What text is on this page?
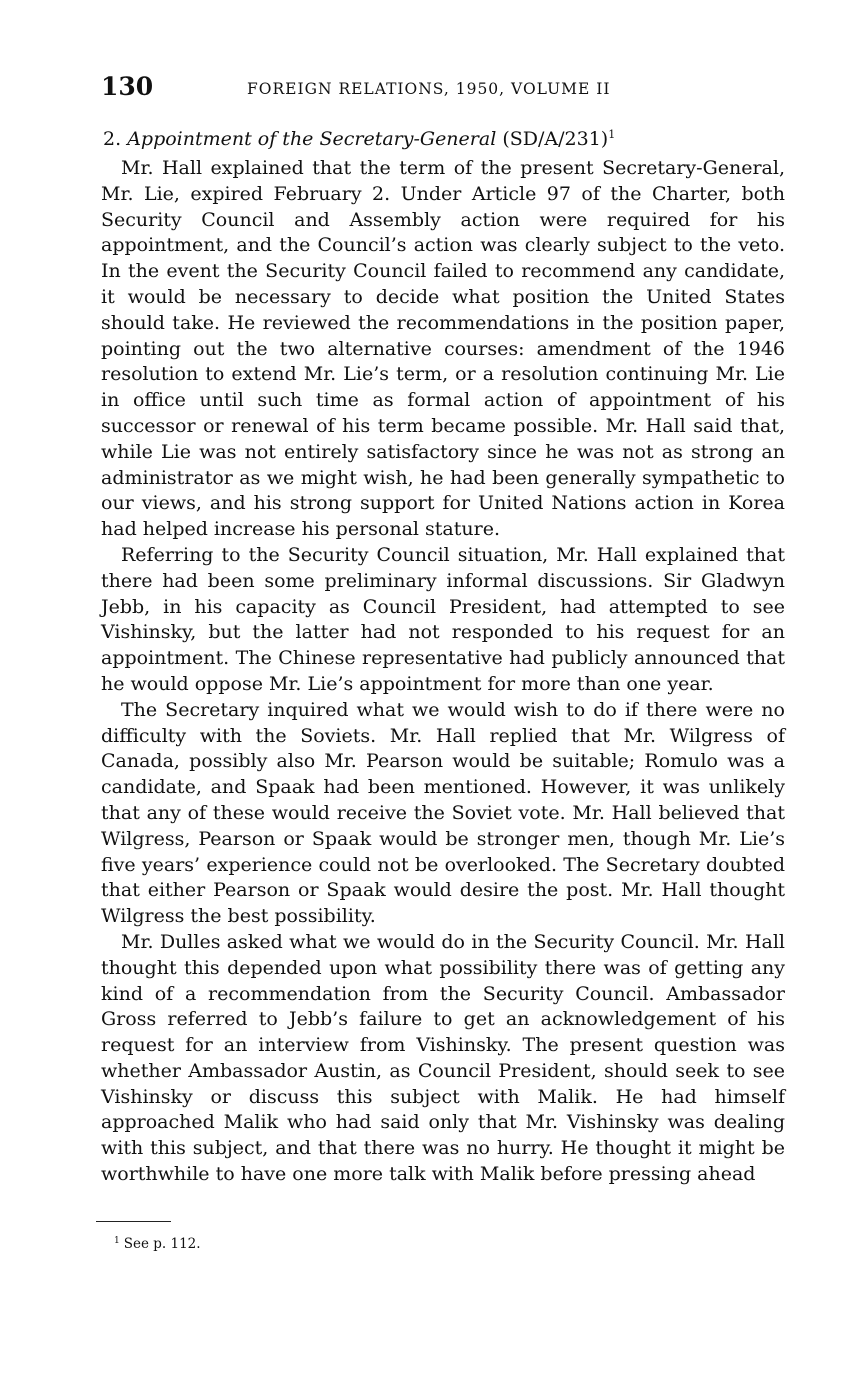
130	FOREIGN RELATIONS, 1950, VOLUME II
2. Appointment of the Secretary-General $(SD/A/231)^1$

Mr. Hall explained that the term of the present Secretary-General, Mr. Lie, expired February 2. Under Article 97 of the Charter, both Security Council and Assembly action were required for his appointment, and the Council’s action was clearly subject to the veto. In the event the Security Council failed to recommend any candidate, it would be necessary to decide what position the United States should take. He reviewed the recommendations in the position paper, pointing out the two alternative courses: amendment of the 1946 resolution to extend Mr. Lie’s term, or a resolution continuing Mr. Lie in office until such time as formal action of appointment of his successor or renewal of his term became possible. Mr. Hall said that, while Lie was not entirely satisfactory since he was not as strong an administrator as we might wish, he had been generally sympathetic to our views, and his strong support for United Nations action in Korea had helped increase his personal stature.

Referring to the Security Council situation, Mr. Hall explained that there had been some preliminary informal discussions. Sir Gladwyn Jebb, in his capacity as Council President, had attempted to see Vishinsky, but the latter had not responded to his request for an appointment. The Chinese representative had publicly announced that he would oppose Mr. Lie’s appointment for more than one year.

The Secretary inquired what we would wish to do if there were no difficulty with the Soviets. Mr. Hall replied that Mr. Wilgress of Canada, possibly also Mr. Pearson would be suitable; Romulo was a candidate, and Spaak had been mentioned. However, it was unlikely that any of these would receive the Soviet vote. Mr. Hall believed that Wilgress, Pearson or Spaak would be stronger men, though Mr. Lie’s five years’ experience could not be overlooked. The Secretary doubted that either Pearson or Spaak would desire the post. Mr. Hall thought Wilgress the best possibility.

Mr. Dulles asked what we would do in the Security Council. Mr. Hall thought this depended upon what possibility there was of getting any kind of a recommendation from the Security Council. Ambassador Gross referred to Jebb’s failure to get an acknowledgement of his request for an interview from Vishinsky. The present question was whether Ambassador Austin, as Council President, should seek to see Vishinsky or discuss this subject with Malik. He had himself approached Malik who had said only that Mr. Vishinsky was dealing with this subject, and that there was no hurry. He thought it might be worthwhile to have one more talk with Malik before pressing ahead

$^1$ See p. 112.
